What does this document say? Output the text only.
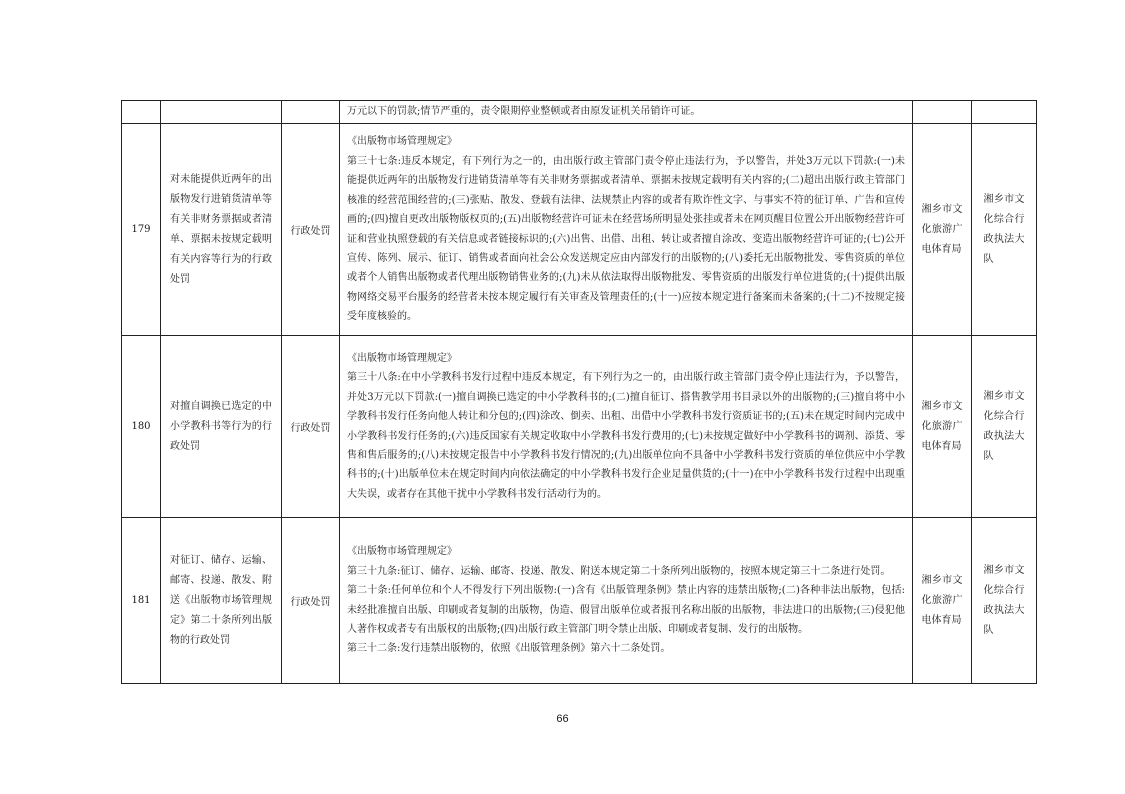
			万元以下的罚款;情节严重的，责令限期停业整顿或者由原发证机关吊销许可证。		

179	对未能提供近两年的出版物发行进销货清单等有关非财务票据或者清单、票据未按规定载明有关内容等行为的行政处罚	行政处罚	《出版物市场管理规定》

第三十七条:违反本规定，有下列行为之一的，由出版行政主管部门责令停止违法行为，予以警告，并处3万元以下罚款:(一)未能提供近两年的出版物发行进销货清单等有关非财务票据或者清单、票据未按规定载明有关内容的;(二)超出出版行政主管部门核准的经营范围经营的;(三)张贴、散发、登载有法律、法规禁止内容的或者有欺诈性文字、与事实不符的征订单、广告和宣传画的;(四)擅自更改出版物版权页的;(五)出版物经营许可证未在经营场所明显处张挂或者未在网页醒目位置公开出版物经营许可证和营业执照登载的有关信息或者链接标识的;(六)出售、出借、出租、转让或者擅自涂改、变造出版物经营许可证的;(七)公开宣传、陈列、展示、征订、销售或者面向社会公众发送规定应由内部发行的出版物的;(八)委托无出版物批发、零售资质的单位或者个人销售出版物或者代理出版物销售业务的;(九)未从依法取得出版物批发、零售资质的出版发行单位进货的;(十)提供出版物网络交易平台服务的经营者未按本规定履行有关审查及管理责任的;(十一)应按本规定进行备案而未备案的;(十二)不按规定接受年度核验的。	湘乡市文化旅游广电体育局	湘乡市文化综合行政执法大队
180	对擅自调换已选定的中小学教科书等行为的行政处罚	行政处罚	《出版物市场管理规定》

第三十八条:在中小学教科书发行过程中违反本规定，有下列行为之一的，由出版行政主管部门责令停止违法行为，予以警告，并处3万元以下罚款:(一)擅自调换已选定的中小学教科书的;(二)擅自征订、搭售教学用书目录以外的出版物的;(三)擅自将中小学教科书发行任务向他人转让和分包的;(四)涂改、倒卖、出租、出借中小学教科书发行资质证书的;(五)未在规定时间内完成中小学教科书发行任务的;(六)违反国家有关规定收取中小学教科书发行费用的;(七)未按规定做好中小学教科书的调剂、添货、零售和售后服务的;(八)未按规定报告中小学教科书发行情况的;(九)出版单位向不具备中小学教科书发行资质的单位供应中小学教科书的;(十)出版单位未在规定时间内向依法确定的中小学教科书发行企业足量供货的;(十一)在中小学教科书发行过程中出现重大失误，或者存在其他干扰中小学教科书发行活动行为的。	湘乡市文化旅游广电体育局	湘乡市文化综合行政执法大队
181	对征订、储存、运输、邮寄、投递、散发、附送《出版物市场管理规定》第二十条所列出版物的行政处罚	行政处罚	《出版物市场管理规定》

第三十九条:征订、储存、运输、邮寄、投递、散发、附送本规定第二十条所列出版物的，按照本规定第三十二条进行处罚。

第二十条:任何单位和个人不得发行下列出版物:(一)含有《出版管理条例》禁止内容的违禁出版物;(二)各种非法出版物，包括:未经批准擅自出版、印刷或者复制的出版物，伪造、假冒出版单位或者报刊名称出版的出版物，非法进口的出版物;(三)侵犯他人著作权或者专有出版权的出版物;(四)出版行政主管部门明令禁止出版、印刷或者复制、发行的出版物。

第三十二条:发行违禁出版物的，依照《出版管理条例》第六十二条处罚。	湘乡市文化旅游广电体育局	湘乡市文化综合行政执法大队
66
